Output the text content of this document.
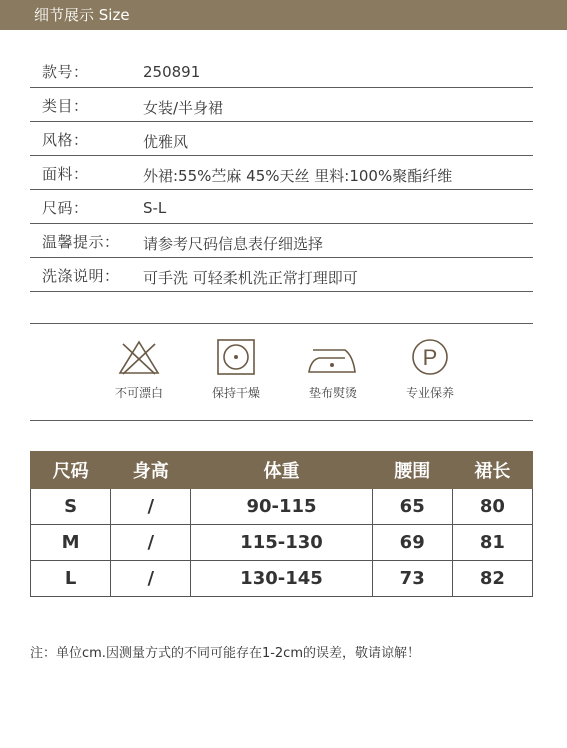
细节展示 Size
款号：	250891
类目：	女装/半身裙
风格：	优雅风
面料：	外裙:55%苎麻 45%天丝 里料:100%聚酯纤维
尺码：	S-L
温馨提示： 请参考尺码信息表仔细选择
洗涤说明： 可手洗 可轻柔机洗正常打理即可
不可漂白	保持干燥	垫布熨烫
P
专业保养
尺码	身高	体重	腰围	裙长
S	/	90-115	65	80
M	/	115-130	69	81
L	/	130-145	73	82
注：单位cm.因测量方式的不同可能存在1-2cm的误差，敬请谅解！
